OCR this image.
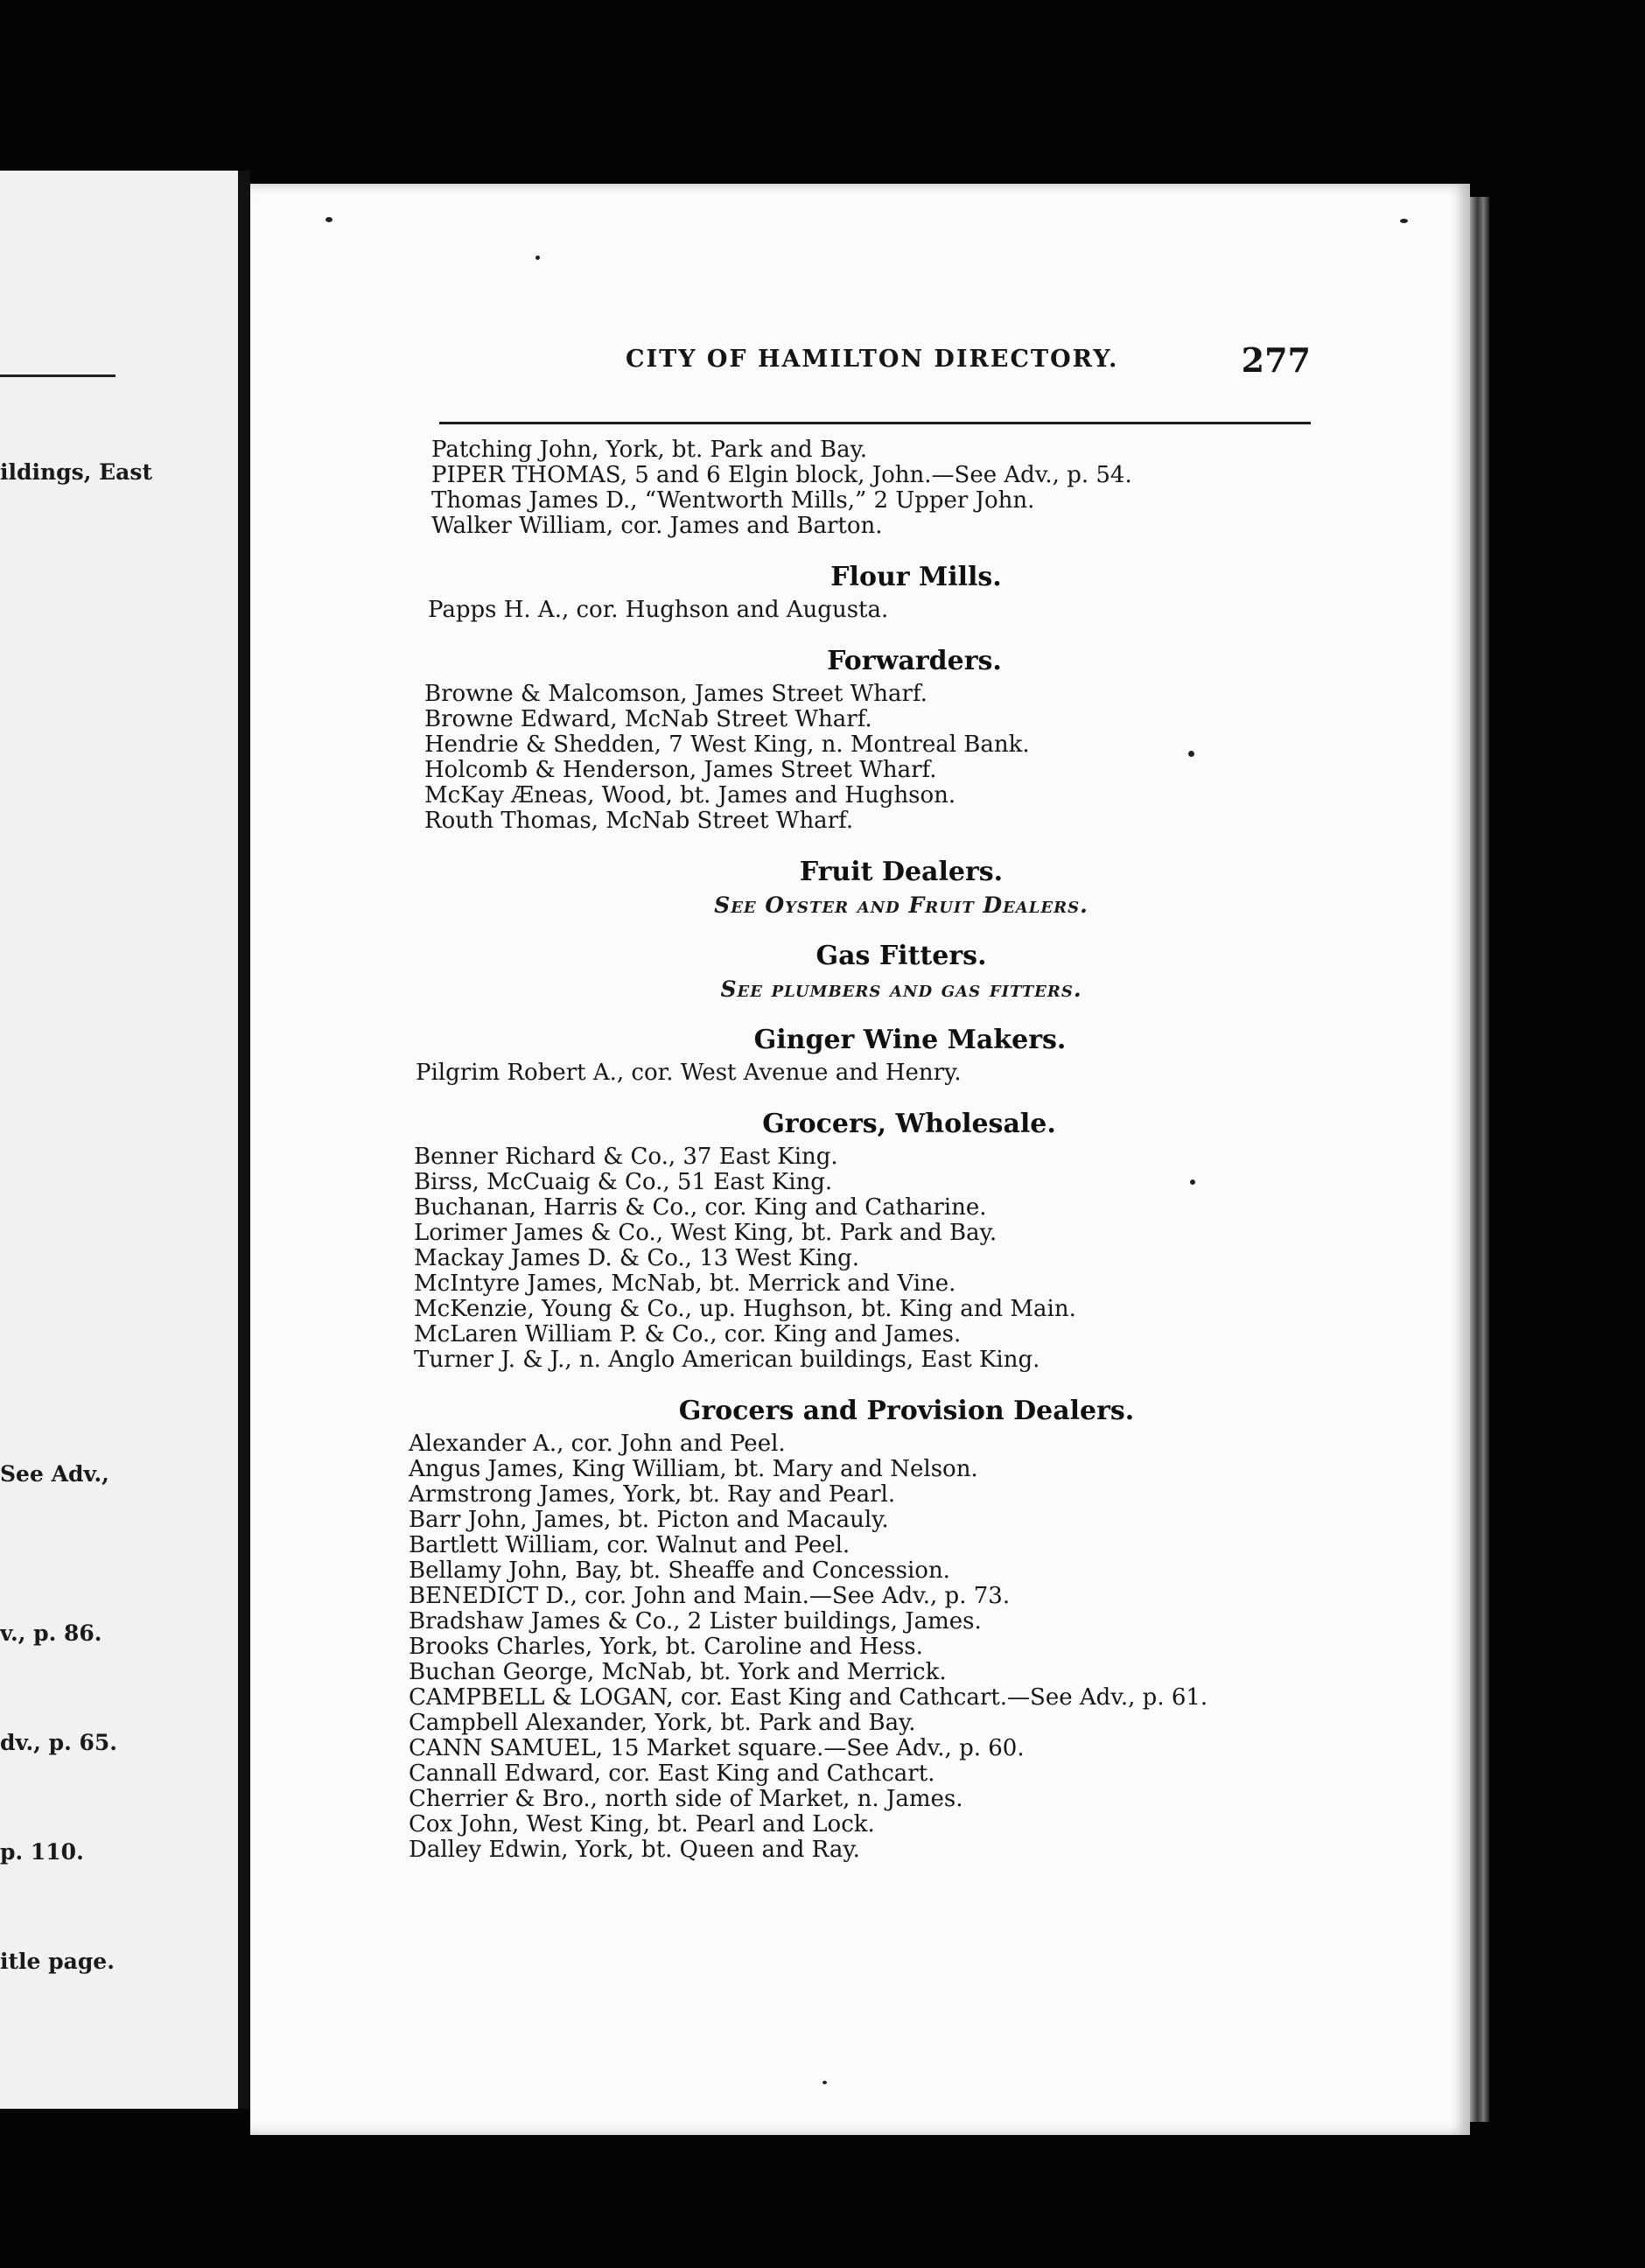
ildings, East
See Adv.,
v., p. 86.
dv., p. 65.
p. 110.
itle page.
CITY OF HAMILTON DIRECTORY.	277
Patching John, York, bt. Park and Bay.
PIPER THOMAS, 5 and 6 Elgin block, John.—See Adv., p. 54.
Thomas James D., “Wentworth Mills,” 2 Upper John.
Walker William, cor. James and Barton.
Flour Mills.
Papps H. A., cor. Hughson and Augusta.
Forwarders.
Browne & Malcomson, James Street Wharf.
Browne Edward, McNab Street Wharf.
Hendrie & Shedden, 7 West King, n. Montreal Bank.
Holcomb & Henderson, James Street Wharf.
McKay Æneas, Wood, bt. James and Hughson.
Routh Thomas, McNab Street Wharf.
Fruit Dealers.
See Oyster and Fruit Dealers.
Gas Fitters.
See plumbers and gas fitters.
Ginger Wine Makers.
Pilgrim Robert A., cor. West Avenue and Henry.
Grocers, Wholesale.
Benner Richard & Co., 37 East King.
Birss, McCuaig & Co., 51 East King.
Buchanan, Harris & Co., cor. King and Catharine.
Lorimer James & Co., West King, bt. Park and Bay.
Mackay James D. & Co., 13 West King.
McIntyre James, McNab, bt. Merrick and Vine.
McKenzie, Young & Co., up. Hughson, bt. King and Main.
McLaren William P. & Co., cor. King and James.
Turner J. & J., n. Anglo American buildings, East King.
Grocers and Provision Dealers.
Alexander A., cor. John and Peel.
Angus James, King William, bt. Mary and Nelson.
Armstrong James, York, bt. Ray and Pearl.
Barr John, James, bt. Picton and Macauly.
Bartlett William, cor. Walnut and Peel.
Bellamy John, Bay, bt. Sheaffe and Concession.
BENEDICT D., cor. John and Main.—See Adv., p. 73.
Bradshaw James & Co., 2 Lister buildings, James.
Brooks Charles, York, bt. Caroline and Hess.
Buchan George, McNab, bt. York and Merrick.
CAMPBELL & LOGAN, cor. East King and Cathcart.—See Adv., p. 61.
Campbell Alexander, York, bt. Park and Bay.
CANN SAMUEL, 15 Market square.—See Adv., p. 60.
Cannall Edward, cor. East King and Cathcart.
Cherrier & Bro., north side of Market, n. James.
Cox John, West King, bt. Pearl and Lock.
Dalley Edwin, York, bt. Queen and Ray.
